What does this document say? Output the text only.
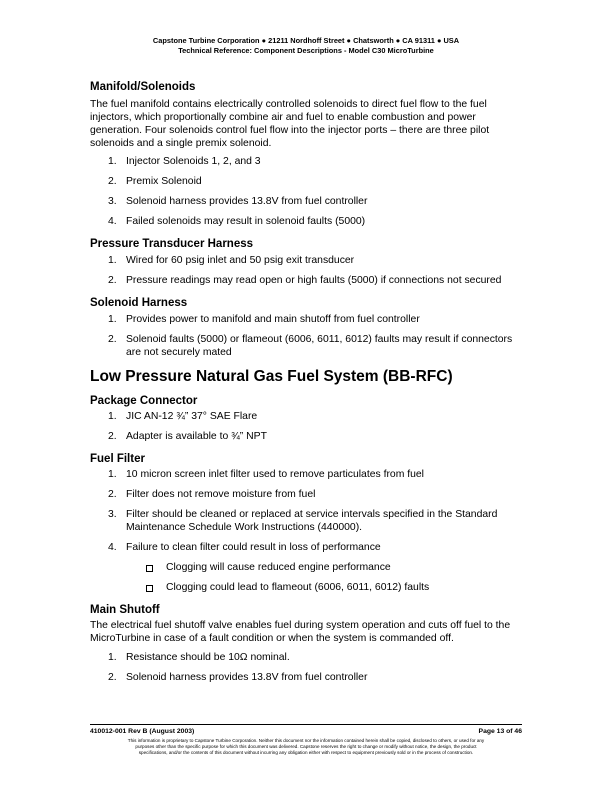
Capstone Turbine Corporation ● 21211 Nordhoff Street ● Chatsworth ● CA 91311 ● USA
Technical Reference: Component Descriptions - Model C30 MicroTurbine
Manifold/Solenoids

The fuel manifold contains electrically controlled solenoids to direct fuel flow to the fuel injectors, which proportionally combine air and fuel to enable combustion and power generation. Four solenoids control fuel flow into the injector ports – there are three pilot solenoids and a single premix solenoid.

1. Injector Solenoids 1, 2, and 3
2. Premix Solenoid
3. Solenoid harness provides 13.8V from fuel controller
4. Failed solenoids may result in solenoid faults (5000)
Pressure Transducer Harness
1. Wired for 60 psig inlet and 50 psig exit transducer
2. Pressure readings may read open or high faults (5000) if connections not secured
Solenoid Harness
1. Provides power to manifold and main shutoff from fuel controller
2. Solenoid faults (5000) or flameout (6006, 6011, 6012) faults may result if connectors are not securely mated
Low Pressure Natural Gas Fuel System (BB-RFC)
Package Connector
1. JIC AN-12 ¾” 37° SAE Flare
2. Adapter is available to ¾” NPT
Fuel Filter
1. 10 micron screen inlet filter used to remove particulates from fuel
2. Filter does not remove moisture from fuel
3. Filter should be cleaned or replaced at service intervals specified in the Standard Maintenance Schedule Work Instructions (440000).
4. Failure to clean filter could result in loss of performance
Clogging will cause reduced engine performance
Clogging could lead to flameout (6006, 6011, 6012) faults
Main Shutoff

The electrical fuel shutoff valve enables fuel during system operation and cuts off fuel to the MicroTurbine in case of a fault condition or when the system is commanded off.

1. Resistance should be 10Ω nominal.
2. Solenoid harness provides 13.8V from fuel controller
410012-001 Rev B (August 2003)	Page 13 of 46
This information is proprietary to Capstone Turbine Corporation. Neither this document nor the information contained herein shall be copied, disclosed to others, or used for any
purposes other than the specific purpose for which this document was delivered. Capstone reserves the right to change or modify without notice, the design, the product
specifications, and/or the contents of this document without incurring any obligation either with respect to equipment previously sold or in the process of construction.
